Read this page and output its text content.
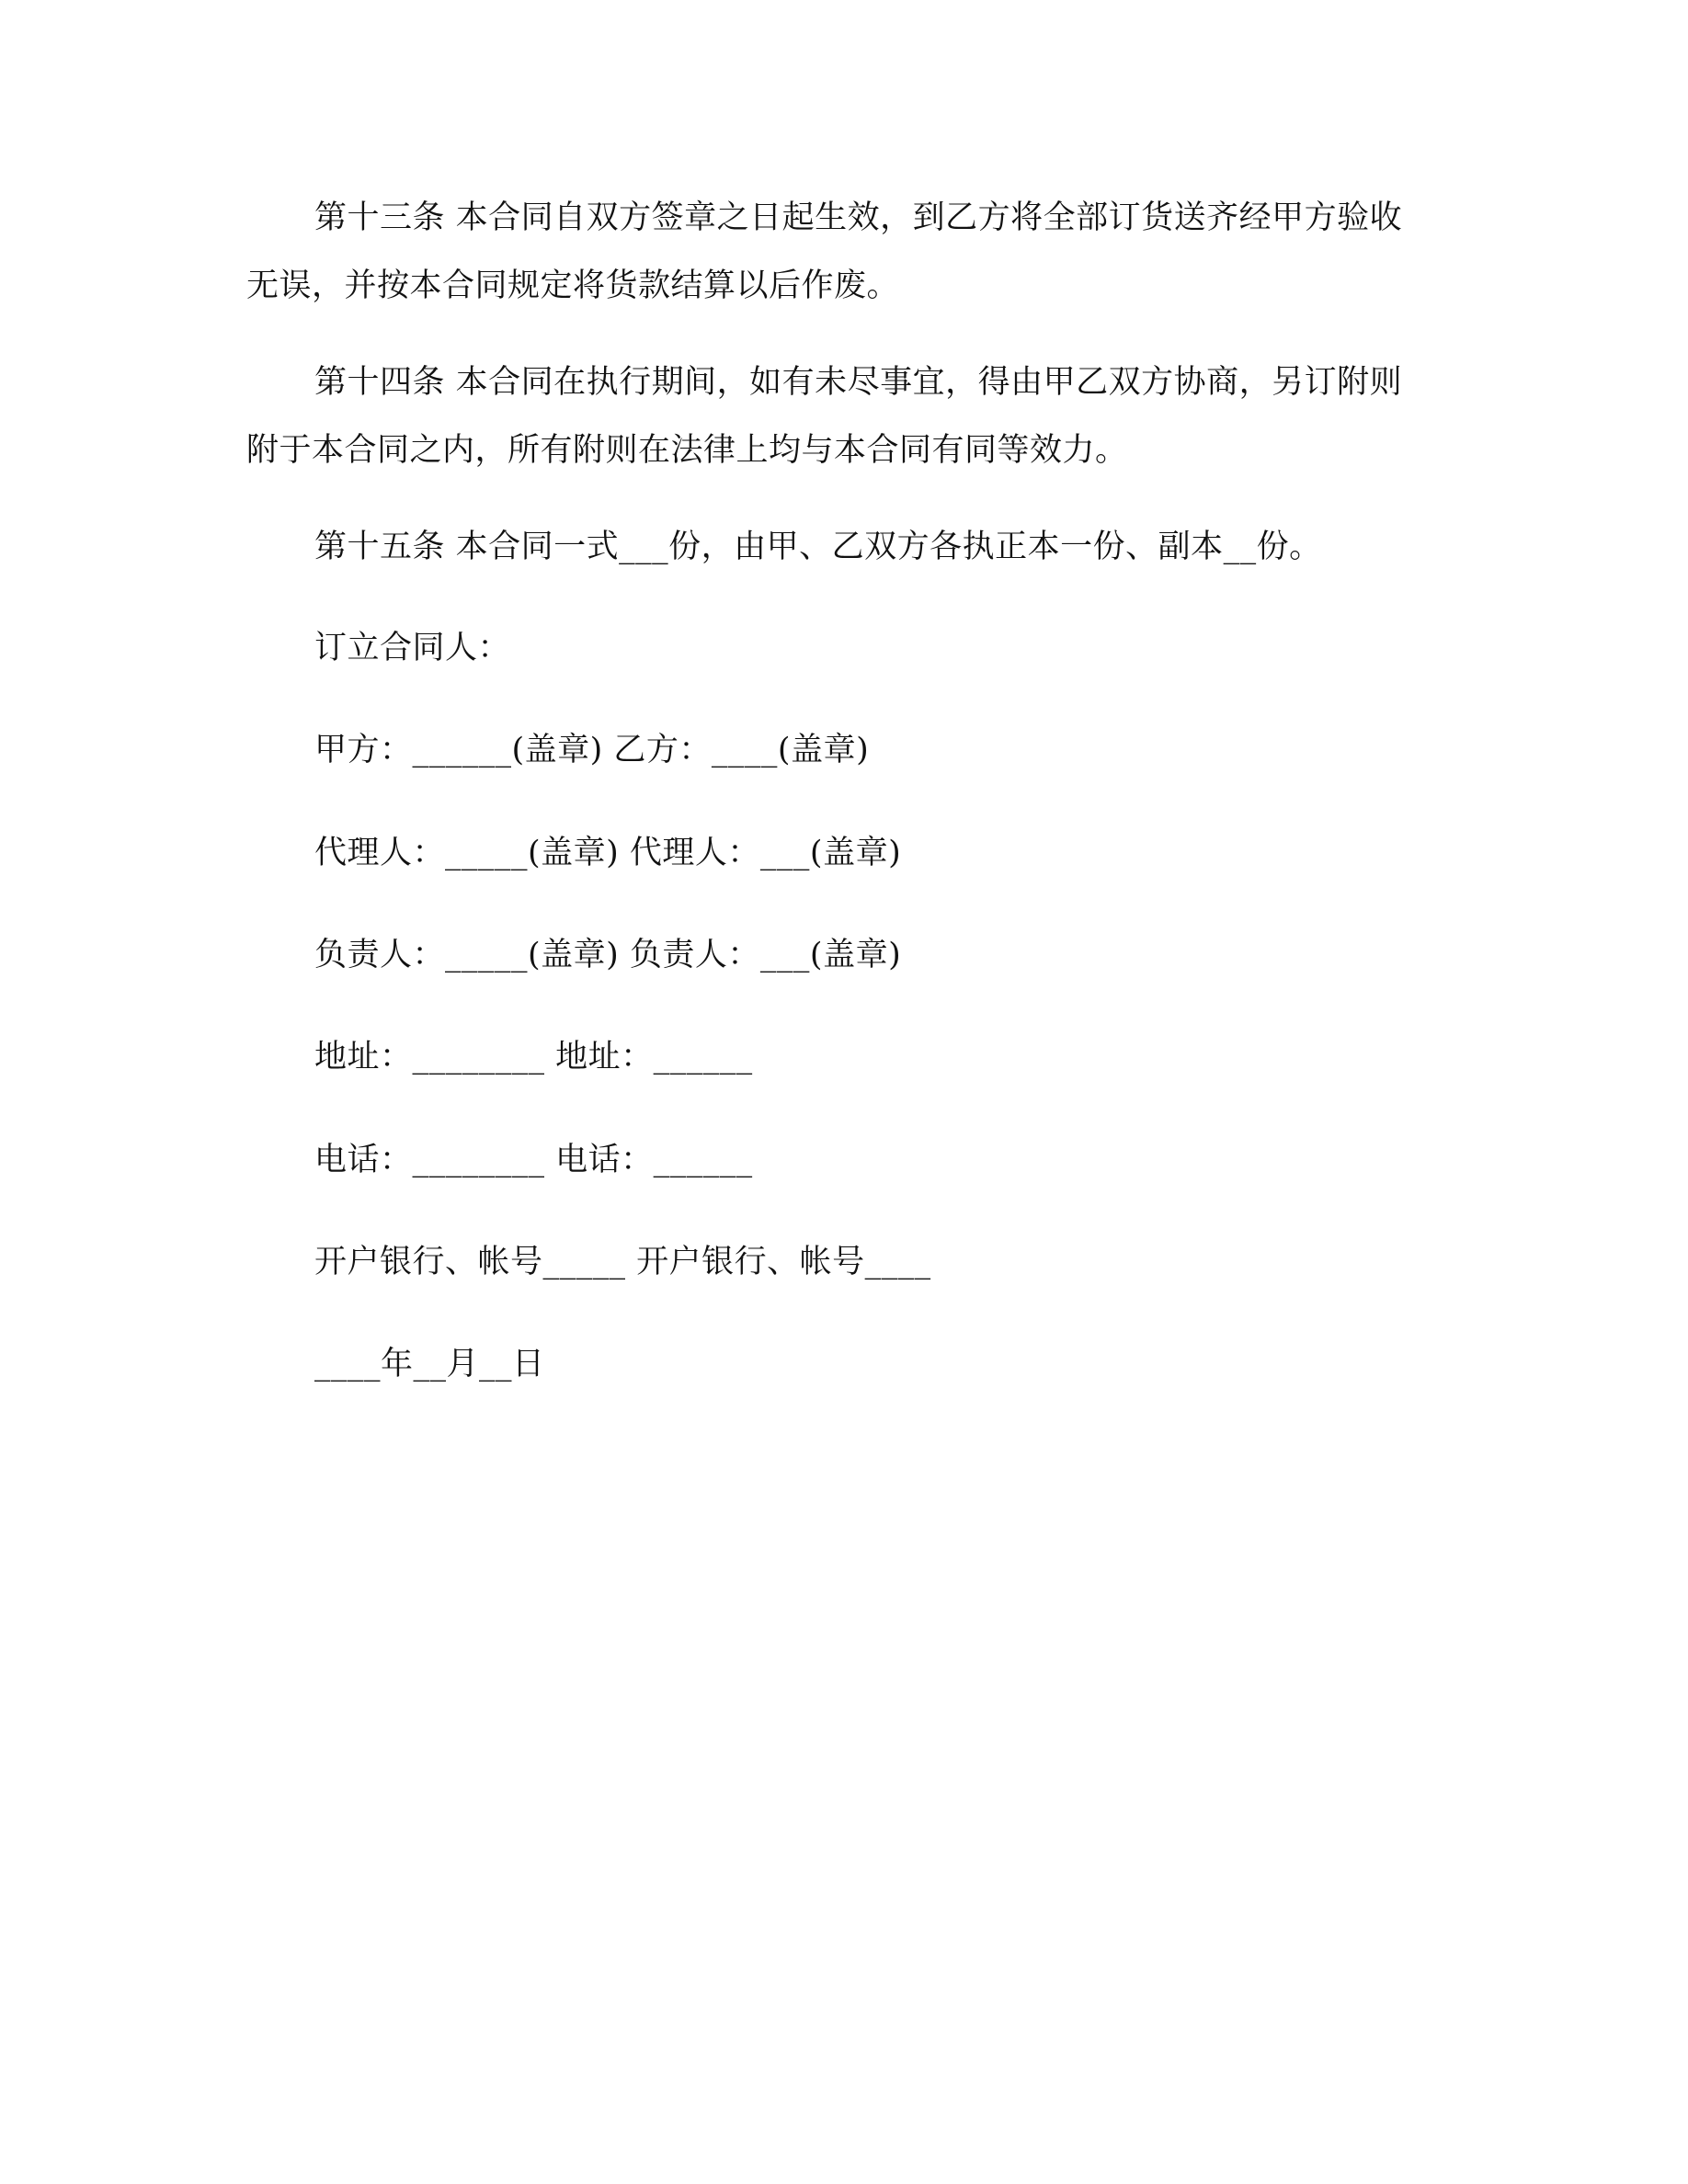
第十三条 本合同自双方签章之日起生效，到乙方将全部订货送齐经甲方验收无误，并按本合同规定将货款结算以后作废。
第十四条 本合同在执行期间，如有未尽事宜，得由甲乙双方协商，另订附则附于本合同之内，所有附则在法律上均与本合同有同等效力。
第十五条 本合同一式___份，由甲、乙双方各执正本一份、副本__份。
订立合同人：
甲方：______(盖章) 乙方：____(盖章)
代理人：_____(盖章) 代理人：___(盖章)
负责人：_____(盖章) 负责人：___(盖章)
地址：________ 地址：______
电话：________ 电话：______
开户银行、帐号_____ 开户银行、帐号____
____年__月__日
